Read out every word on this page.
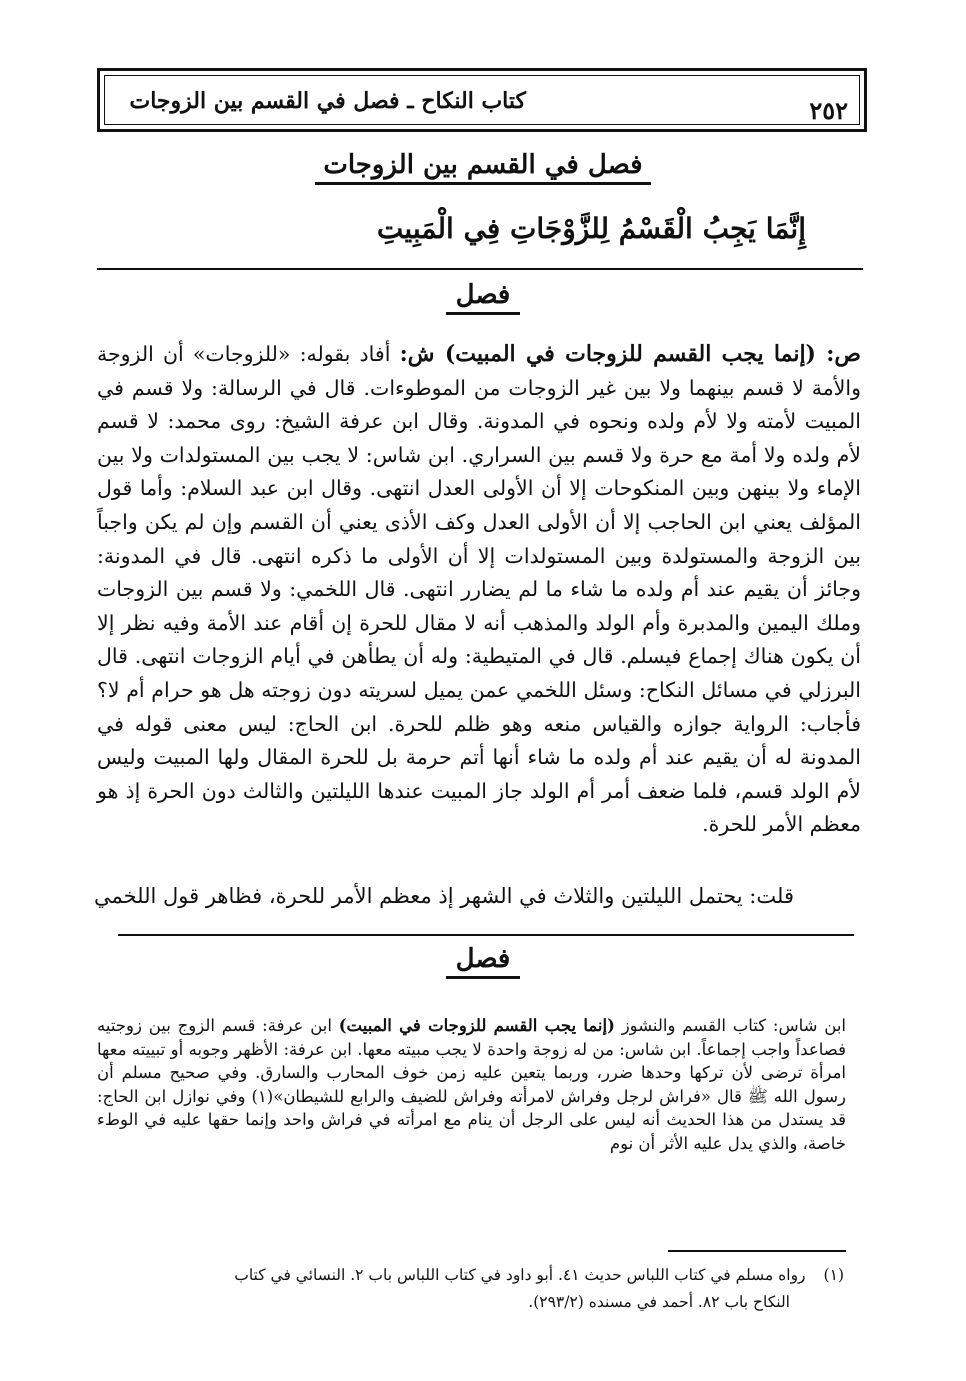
٢٥٢
كتاب النكاح ـ فصل في القسم بين الزوجات
فصل في القسم بين الزوجات
إِنَّمَا يَجِبُ الْقَسْمُ لِلزَّوْجَاتِ فِي الْمَبِيتِ
فصل
ص: (إنما يجب القسم للزوجات في المبيت) ش: أفاد بقوله: «للزوجات» أن الزوجة والأمة لا قسم بينهما ولا بين غير الزوجات من الموطوءات. قال في الرسالة: ولا قسم في المبيت لأمته ولا لأم ولده ونحوه في المدونة. وقال ابن عرفة الشيخ: روى محمد: لا قسم لأم ولده ولا أمة مع حرة ولا قسم بين السراري. ابن شاس: لا يجب بين المستولدات ولا بين الإماء ولا بينهن وبين المنكوحات إلا أن الأولى العدل انتهى. وقال ابن عبد السلام: وأما قول المؤلف يعني ابن الحاجب إلا أن الأولى العدل وكف الأذى يعني أن القسم وإن لم يكن واجباً بين الزوجة والمستولدة وبين المستولدات إلا أن الأولى ما ذكره انتهى. قال في المدونة: وجائز أن يقيم عند أم ولده ما شاء ما لم يضارر انتهى. قال اللخمي: ولا قسم بين الزوجات وملك اليمين والمدبرة وأم الولد والمذهب أنه لا مقال للحرة إن أقام عند الأمة وفيه نظر إلا أن يكون هناك إجماع فيسلم. قال في المتيطية: وله أن يطأهن في أيام الزوجات انتهى. قال البرزلي في مسائل النكاح: وسئل اللخمي عمن يميل لسريته دون زوجته هل هو حرام أم لا؟ فأجاب: الرواية جوازه والقياس منعه وهو ظلم للحرة. ابن الحاج: ليس معنى قوله في المدونة له أن يقيم عند أم ولده ما شاء أنها أتم حرمة بل للحرة المقال ولها المبيت وليس لأم الولد قسم، فلما ضعف أمر أم الولد جاز المبيت عندها الليلتين والثالث دون الحرة إذ هو معظم الأمر للحرة.
قلت: يحتمل الليلتين والثلاث في الشهر إذ معظم الأمر للحرة، فظاهر قول اللخمي
فصل
ابن شاس: كتاب القسم والنشوز (إنما يجب القسم للزوجات في المبيت) ابن عرفة: قسم الزوج بين زوجتيه فصاعداً واجب إجماعاً. ابن شاس: من له زوجة واحدة لا يجب مبيته معها. ابن عرفة: الأظهر وجوبه أو تبييته معها امرأة ترضى لأن تركها وحدها ضرر، وربما يتعين عليه زمن خوف المحارب والسارق. وفي صحيح مسلم أن رسول الله ﷺ قال «فراش لرجل وفراش لامرأته وفراش للضيف والرابع للشيطان»(١) وفي نوازل ابن الحاج: قد يستدل من هذا الحديث أنه ليس على الرجل أن ينام مع امرأته في فراش واحد وإنما حقها عليه في الوطء خاصة، والذي يدل عليه الأثر أن نوم
(١)رواه مسلم في كتاب اللباس حديث ٤١. أبو داود في كتاب اللباس باب ٢. النسائي في كتاب
النكاح باب ٨٢. أحمد في مسنده (٢٩٣/٢).
